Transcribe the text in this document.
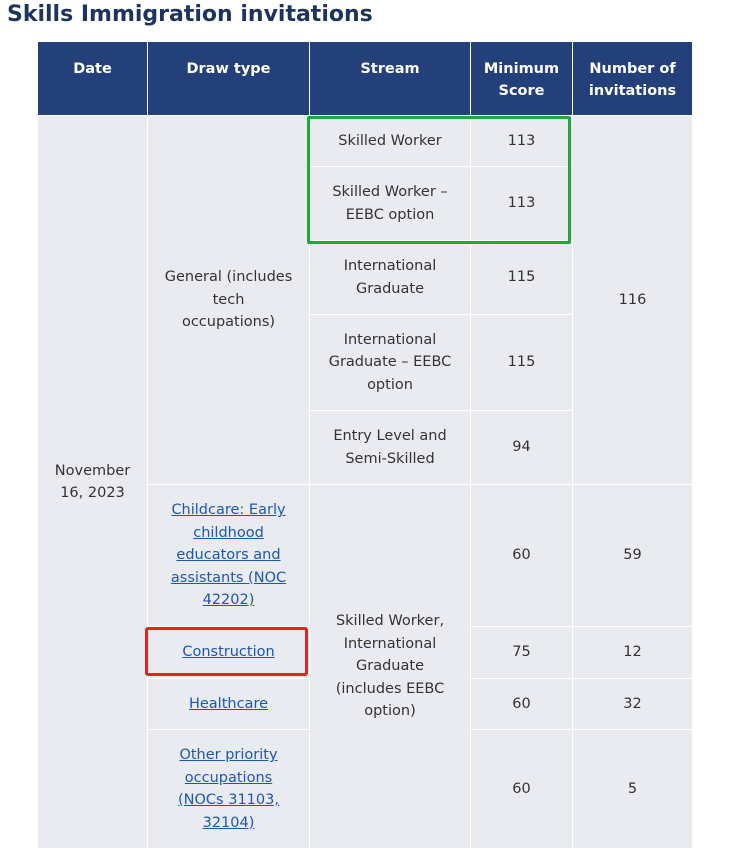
Skills Immigration invitations
Date	Draw type	Stream	Minimum Score	Number of invitations
November 16, 2023	General (includes tech occupations)	Skilled Worker	113	116
		Skilled Worker – EEBC option	113	
		International Graduate	115	
		International Graduate – EEBC option	115	
		Entry Level and Semi-Skilled	94	
	Childcare: Early childhood educators and assistants (NOC 42202)	Skilled Worker, International Graduate (includes EEBC option)	60	59
	Construction		75	12
	Healthcare		60	32
	Other priority occupations (NOCs 31103, 32104)		60	5
